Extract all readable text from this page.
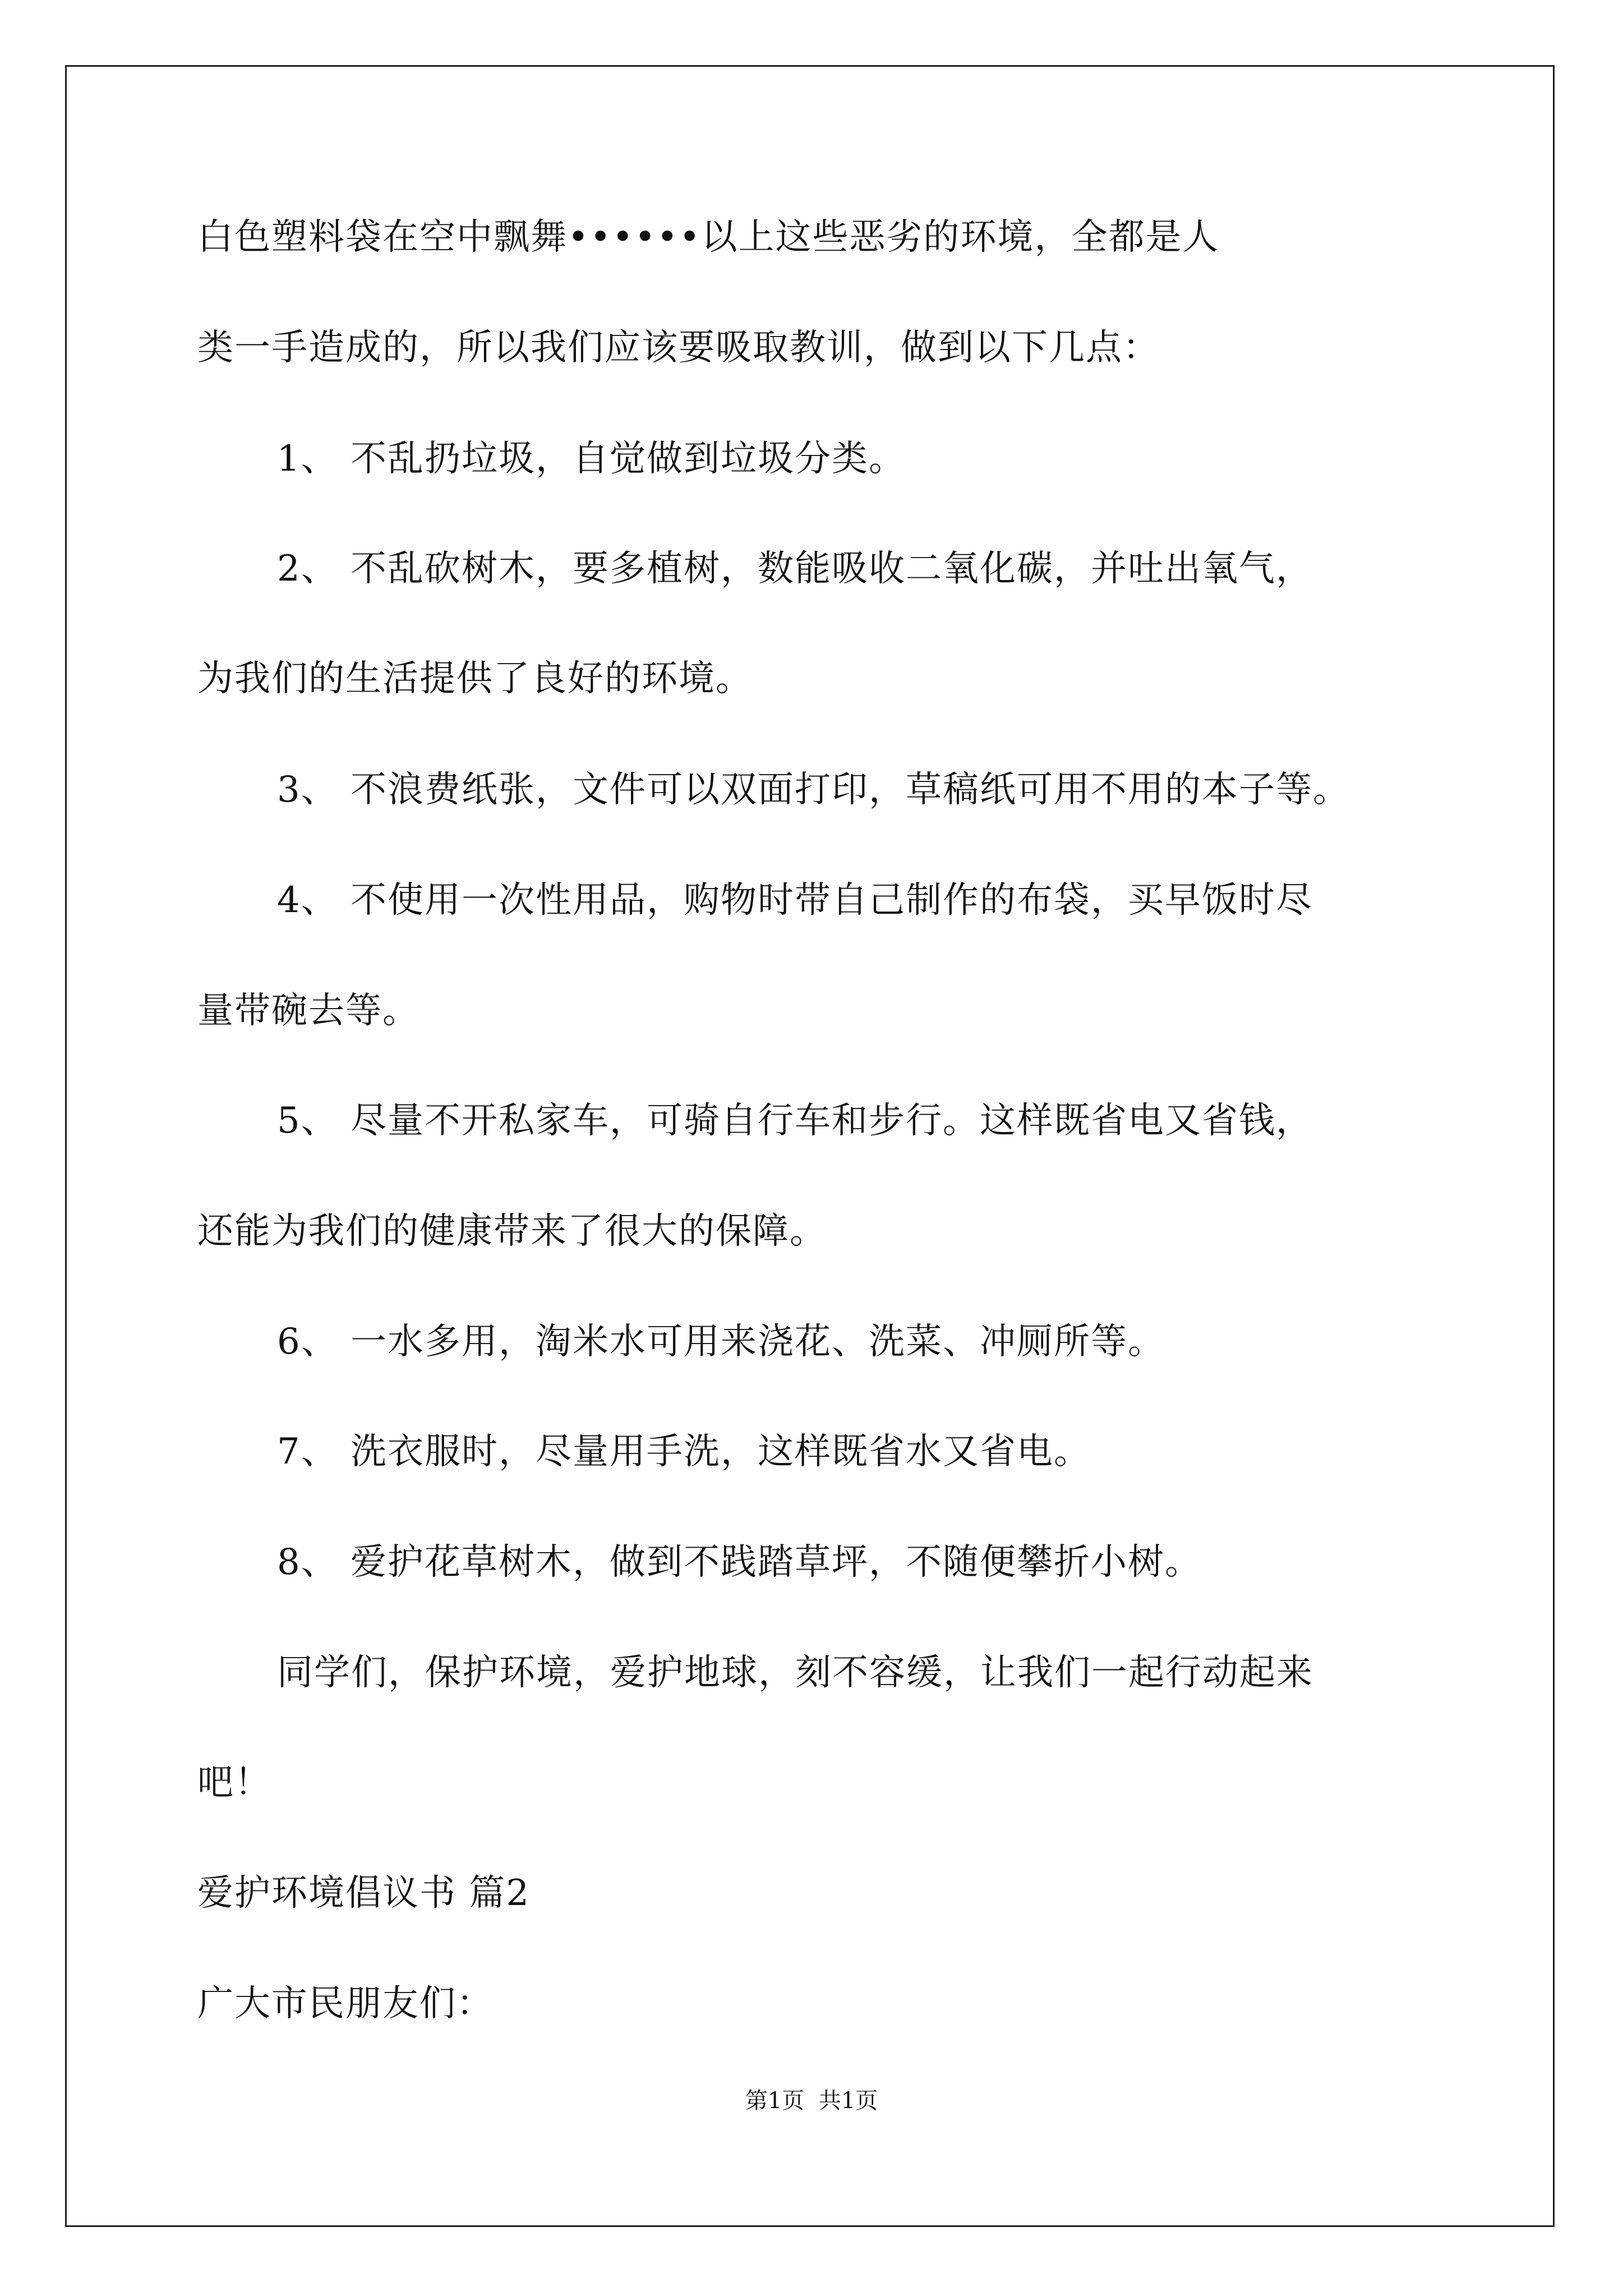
白色塑料袋在空中飘舞••••••以上这些恶劣的环境，全都是人
类一手造成的，所以我们应该要吸取教训，做到以下几点：
1、 不乱扔垃圾，自觉做到垃圾分类。
2、 不乱砍树木，要多植树，数能吸收二氧化碳，并吐出氧气，
为我们的生活提供了良好的环境。
3、 不浪费纸张，文件可以双面打印，草稿纸可用不用的本子等。
4、 不使用一次性用品，购物时带自己制作的布袋，买早饭时尽
量带碗去等。
5、 尽量不开私家车，可骑自行车和步行。这样既省电又省钱，
还能为我们的健康带来了很大的保障。
6、 一水多用，淘米水可用来浇花、洗菜、冲厕所等。
7、 洗衣服时，尽量用手洗，这样既省水又省电。
8、 爱护花草树木，做到不践踏草坪，不随便攀折小树。
同学们，保护环境，爱护地球，刻不容缓，让我们一起行动起来
吧！
爱护环境倡议书 篇2
广大市民朋友们：
第1页  共1页
